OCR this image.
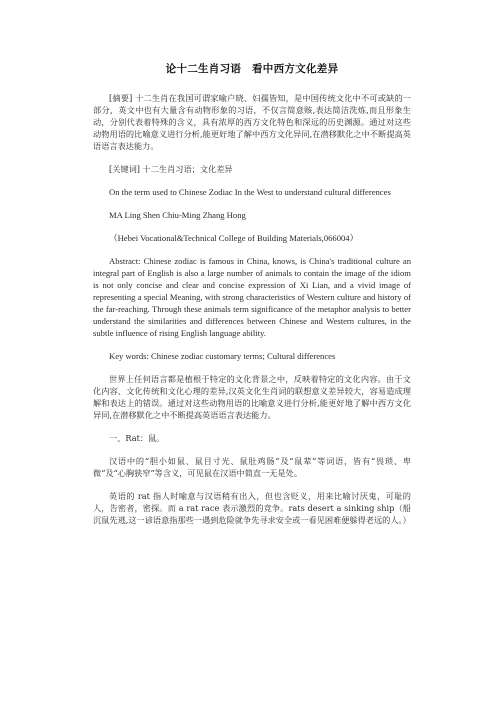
论十二生肖习语　看中西方文化差异

[摘要] 十二生肖在我国可谓家喻户晓、妇孺皆知，是中国传统文化中不可或缺的一部分，英文中也有大量含有动物形象的习语，不仅言简意赅,表达简洁洗炼,而且形象生动，分别代表着特殊的含义，具有浓厚的西方文化特色和深远的历史渊源。通过对这些动物用语的比喻意义进行分析,能更好地了解中西方文化异同,在潜移默化之中不断提高英语语言表达能力。

[关键词] 十二生肖习语；文化差异

On the term used to Chinese Zodiac In the West to understand cultural differences

MA Ling Shen Chiu-Ming Zhang Hong

（Hebei Vocational&Technical College of Building Materials,066004）

Abstract: Chinese zodiac is famous in China, knows, is China's traditional culture an integral part of English is also a large number of animals to contain the image of the idiom is not only concise and clear and concise expression of Xi Lian, and a vivid image of representing a special Meaning, with strong characteristics of Western culture and history of the far-reaching. Through these animals term significance of the metaphor analysis to better understand the similarities and differences between Chinese and Western cultures, in the subtle influence of rising English language ability.

Key words: Chinese zodiac customary terms; Cultural differences

世界上任何语言都是植根于特定的文化背景之中，反映着特定的文化内容。由于文化内容、文化传统和文化心理的差异,汉英文化生肖词的联想意义差异较大，容易造成理解和表达上的错误。通过对这些动物用语的比喻意义进行分析,能更好地了解中西方文化异同,在潜移默化之中不断提高英语语言表达能力。

一、Rat：鼠。

汉语中的“胆小如鼠、鼠目寸光、鼠肚鸡肠”及“鼠辈”等词语，皆有“畏琐、卑微”及“心胸狭窄”等含义，可见鼠在汉语中简直一无是处。

英语的 rat 指人时喻意与汉语稍有出入，但也含贬义，用来比喻讨厌鬼，可耻的人，告密者，密探。而 a rat race 表示激烈的竞争。rats desert a sinking ship（船沉鼠先逃,这一谚语意指那些一遇到危险就争先寻求安全或一看见困难便躲得老远的人。）
